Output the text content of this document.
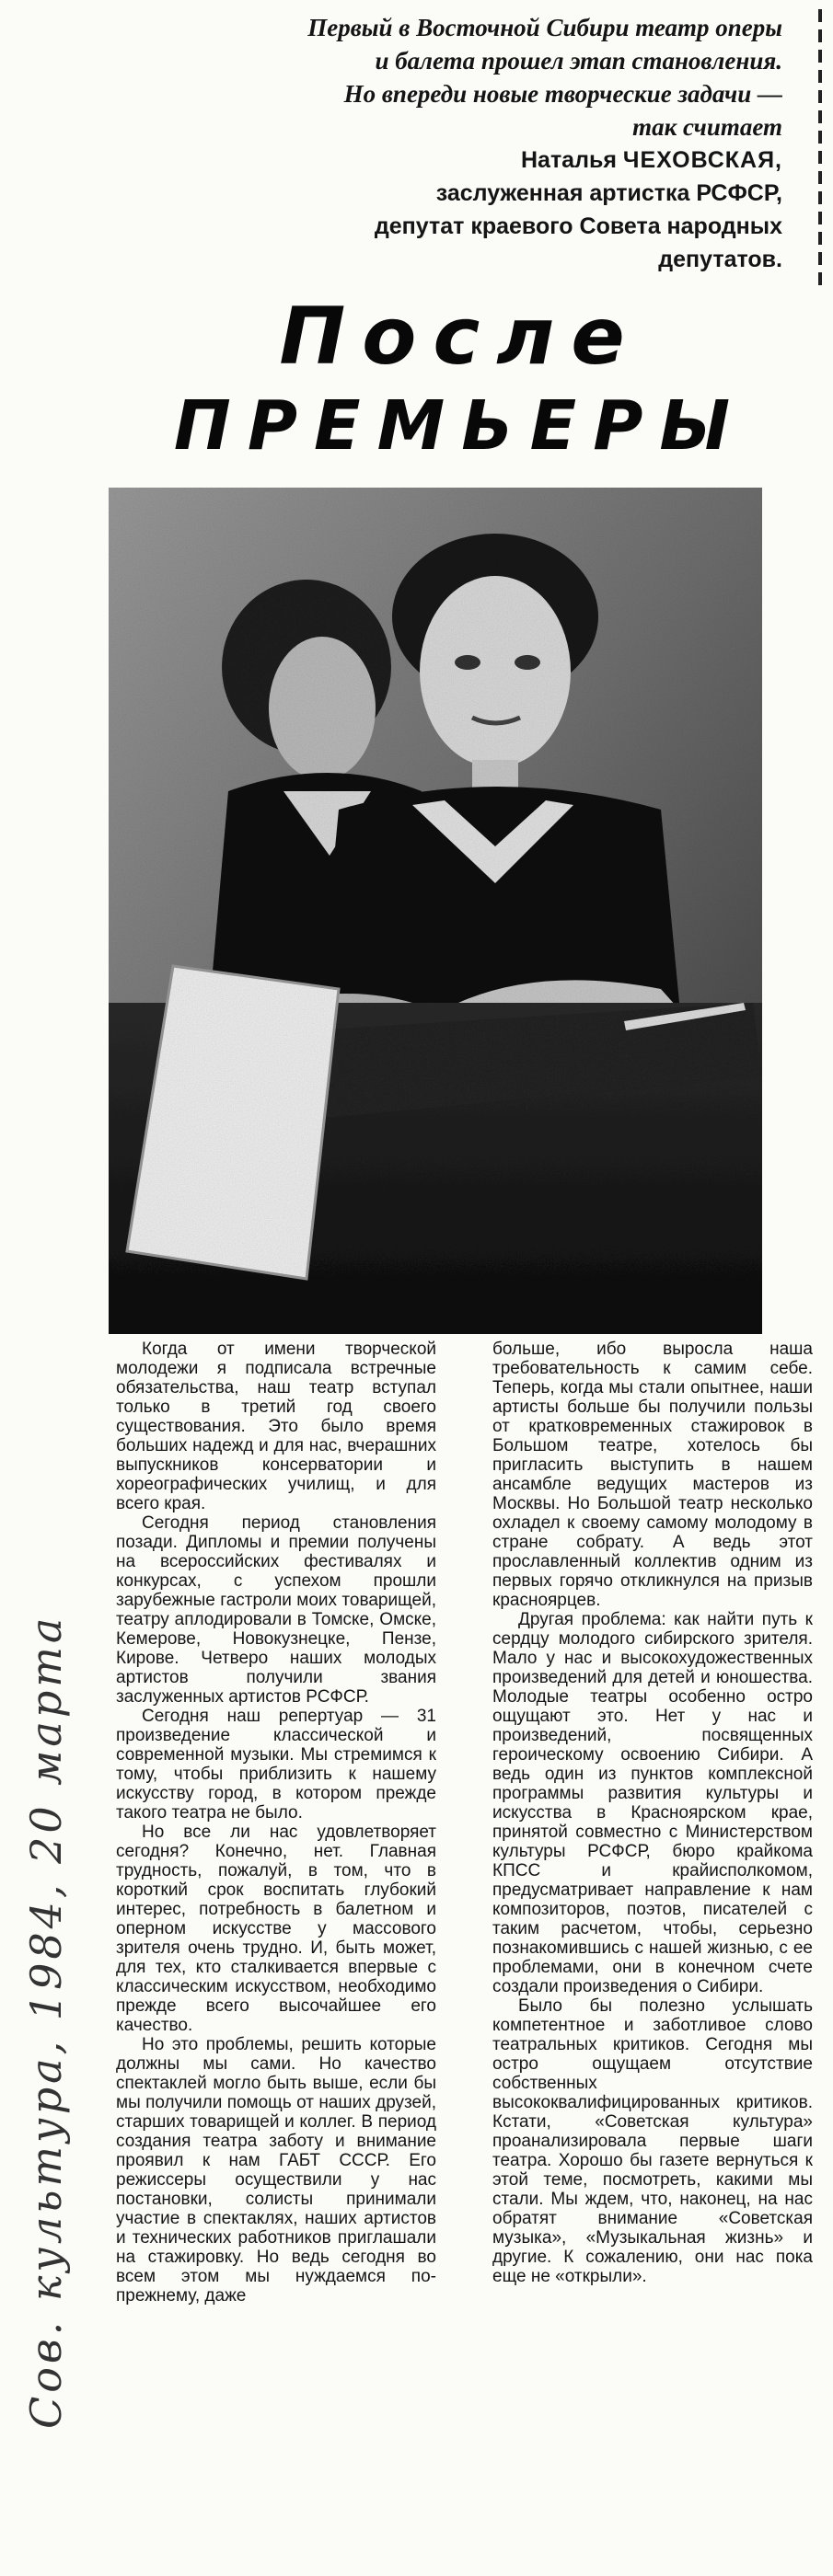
Первый в Восточной Сибири театр оперы

и балета прошел этап становления.

Но впереди новые творческие задачи —

так считает

Наталья ЧЕХОВСКАЯ,

заслуженная артистка РСФСР,

депутат краевого Совета народных

депутатов.

После
ПРЕМЬЕРЫ
Сов. культура, 1984, 20 марта

Когда от имени творческой молодежи я подписала встречные обязательства, наш театр вступал только в третий год своего существования. Это было время больших надежд и для нас, вчерашних выпускников консерватории и хореографических училищ, и для всего края.

Сегодня период становления позади. Дипломы и премии получены на всероссийских фестивалях и конкурсах, с успехом прошли зарубежные гастроли моих товарищей, театру аплодировали в Томске, Омске, Кемерове, Новокузнецке, Пензе, Кирове. Четверо наших молодых артистов получили звания заслуженных артистов РСФСР.

Сегодня наш репертуар — 31 произведение классической и современной музыки. Мы стремимся к тому, чтобы приблизить к нашему искусству город, в котором прежде такого театра не было.

Но все ли нас удовлетворяет сегодня? Конечно, нет. Главная трудность, пожалуй, в том, что в короткий срок воспитать глубокий интерес, потребность в балетном и оперном искусстве у массового зрителя очень трудно. И, быть может, для тех, кто сталкивается впервые с классическим искусством, необходимо прежде всего высочайшее его качество.

Но это проблемы, решить которые должны мы сами. Но качество спектаклей могло быть выше, если бы мы получили помощь от наших друзей, старших товарищей и коллег. В период создания театра заботу и внимание проявил к нам ГАБТ СССР. Его режиссеры осуществили у нас постановки, солисты принимали участие в спектаклях, наших артистов и технических работников приглашали на стажировку. Но ведь сегодня во всем этом мы нуждаемся по-прежнему, даже

больше, ибо выросла наша требовательность к самим себе. Теперь, когда мы стали опытнее, наши артисты больше бы получили пользы от кратковременных стажировок в Большом театре, хотелось бы пригласить выступить в нашем ансамбле ведущих мастеров из Москвы. Но Большой театр несколько охладел к своему самому молодому в стране собрату. А ведь этот прославленный коллектив одним из первых горячо откликнулся на призыв красноярцев.

Другая проблема: как найти путь к сердцу молодого сибирского зрителя. Мало у нас и высокохудожественных произведений для детей и юношества. Молодые театры особенно остро ощущают это. Нет у нас и произведений, посвященных героическому освоению Сибири. А ведь один из пунктов комплексной программы развития культуры и искусства в Красноярском крае, принятой совместно с Министерством культуры РСФСР, бюро крайкома КПСС и крайисполкомом, предусматривает направление к нам композиторов, поэтов, писателей с таким расчетом, чтобы, серьезно познакомившись с нашей жизнью, с ее проблемами, они в конечном счете создали произведения о Сибири.

Было бы полезно услышать компетентное и заботливое слово театральных критиков. Сегодня мы остро ощущаем отсутствие собственных высококвалифицированных критиков. Кстати, «Советская культура» проанализировала первые шаги театра. Хорошо бы газете вернуться к этой теме, посмотреть, какими мы стали. Мы ждем, что, наконец, на нас обратят внимание «Советская музыка», «Музыкальная жизнь» и другие. К сожалению, они нас пока еще не «открыли».
